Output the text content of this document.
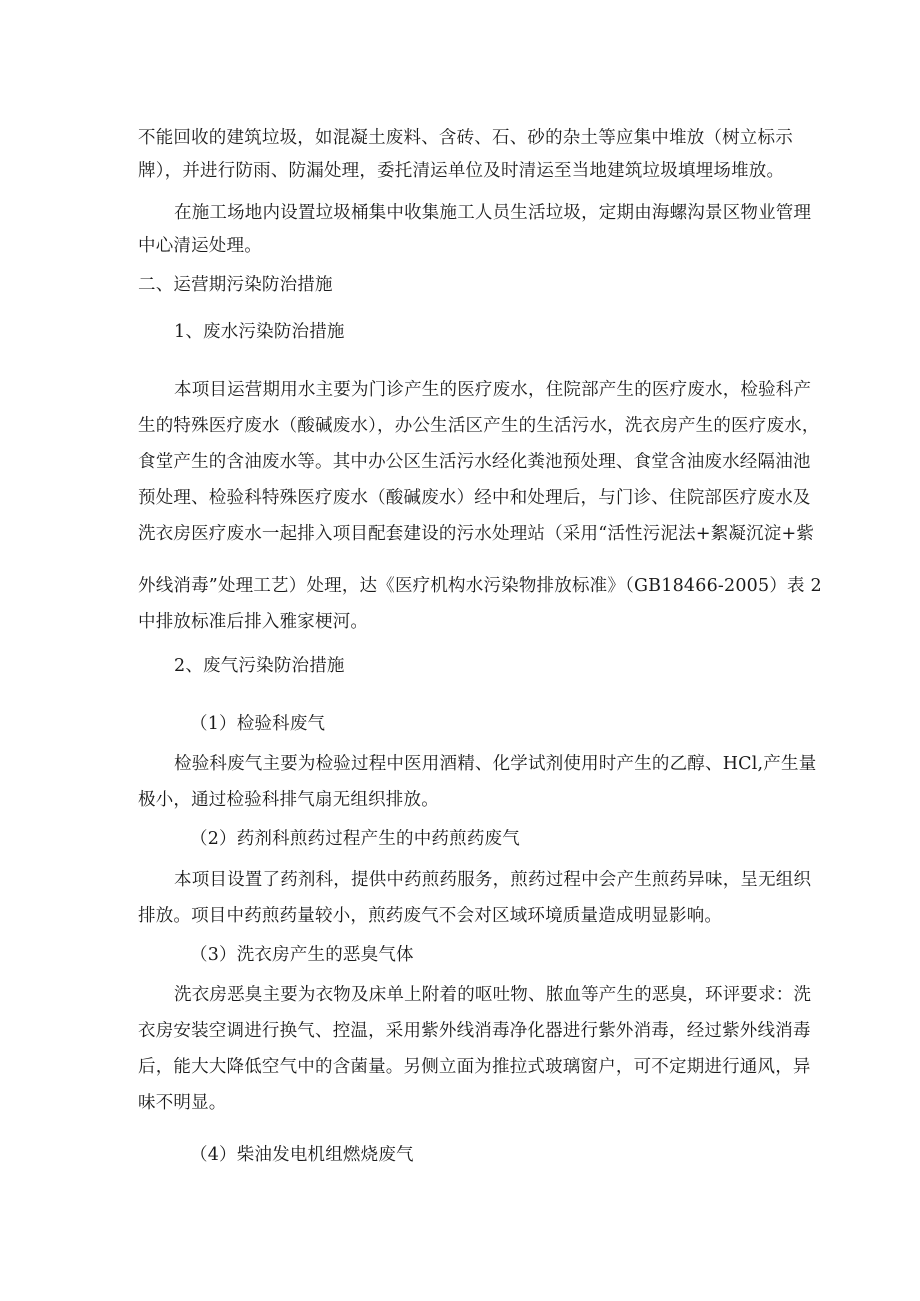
不能回收的建筑垃圾，如混凝土废料、含砖、石、砂的杂土等应集中堆放（树立标示
牌），并进行防雨、防漏处理，委托清运单位及时清运至当地建筑垃圾填埋场堆放。
在施工场地内设置垃圾桶集中收集施工人员生活垃圾，定期由海螺沟景区物业管理
中心清运处理。
二、运营期污染防治措施
1、废水污染防治措施
本项目运营期用水主要为门诊产生的医疗废水，住院部产生的医疗废水，检验科产
生的特殊医疗废水（酸碱废水），办公生活区产生的生活污水，洗衣房产生的医疗废水，
食堂产生的含油废水等。其中办公区生活污水经化粪池预处理、食堂含油废水经隔油池
预处理、检验科特殊医疗废水（酸碱废水）经中和处理后，与门诊、住院部医疗废水及
洗衣房医疗废水一起排入项目配套建设的污水处理站（采用“活性污泥法+絮凝沉淀+紫
外线消毒”处理工艺）处理，达《医疗机构水污染物排放标准》（GB18466-2005）表 2
中排放标准后排入雅家梗河。
2、废气污染防治措施
（1）检验科废气
检验科废气主要为检验过程中医用酒精、化学试剂使用时产生的乙醇、HCl,产生量
极小，通过检验科排气扇无组织排放。
（2）药剂科煎药过程产生的中药煎药废气
本项目设置了药剂科，提供中药煎药服务，煎药过程中会产生煎药异味，呈无组织
排放。项目中药煎药量较小，煎药废气不会对区域环境质量造成明显影响。
（3）洗衣房产生的恶臭气体
洗衣房恶臭主要为衣物及床单上附着的呕吐物、脓血等产生的恶臭，环评要求：洗
衣房安装空调进行换气、控温，采用紫外线消毒净化器进行紫外消毒，经过紫外线消毒
后，能大大降低空气中的含菌量。另侧立面为推拉式玻璃窗户，可不定期进行通风，异
味不明显。
（4）柴油发电机组燃烧废气
